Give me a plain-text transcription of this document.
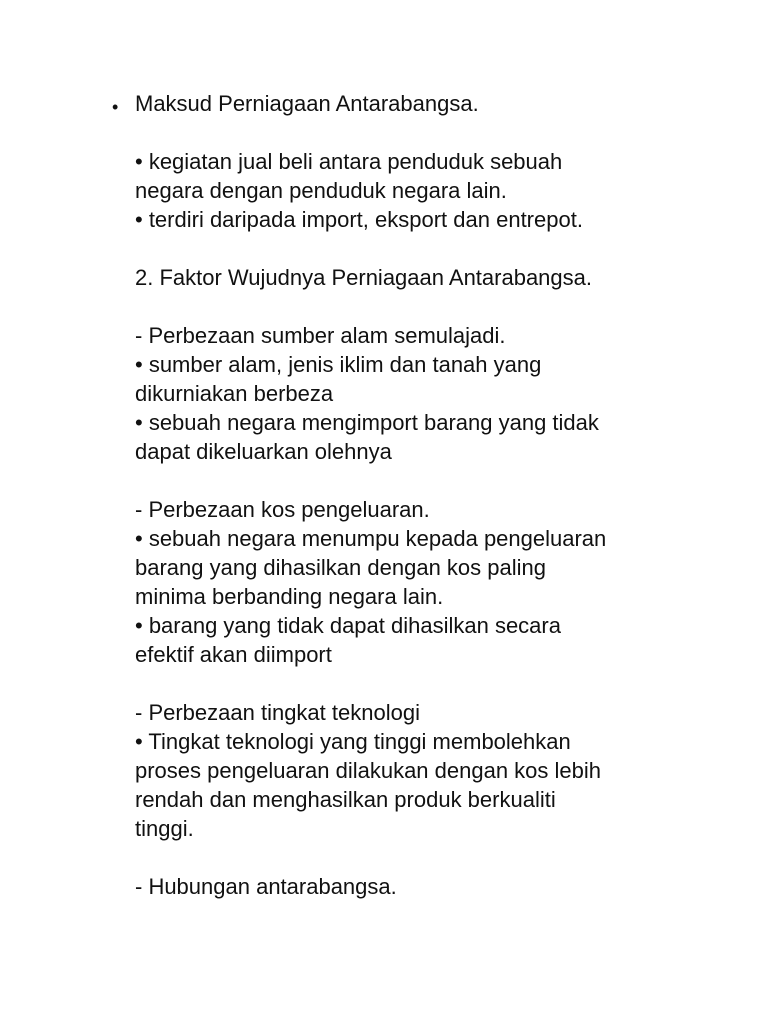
• Maksud Perniagaan Antarabangsa.
• kegiatan jual beli antara penduduk sebuah
negara dengan penduduk negara lain.
• terdiri daripada import, eksport dan entrepot.
2. Faktor Wujudnya Perniagaan Antarabangsa.
- Perbezaan sumber alam semulajadi.
• sumber alam, jenis iklim dan tanah yang
dikurniakan berbeza
• sebuah negara mengimport barang yang tidak
dapat dikeluarkan olehnya
- Perbezaan kos pengeluaran.
• sebuah negara menumpu kepada pengeluaran
barang yang dihasilkan dengan kos paling
minima berbanding negara lain.
• barang yang tidak dapat dihasilkan secara
efektif akan diimport
- Perbezaan tingkat teknologi
• Tingkat teknologi yang tinggi membolehkan
proses pengeluaran dilakukan dengan kos lebih
rendah dan menghasilkan produk berkualiti
tinggi.
- Hubungan antarabangsa.
